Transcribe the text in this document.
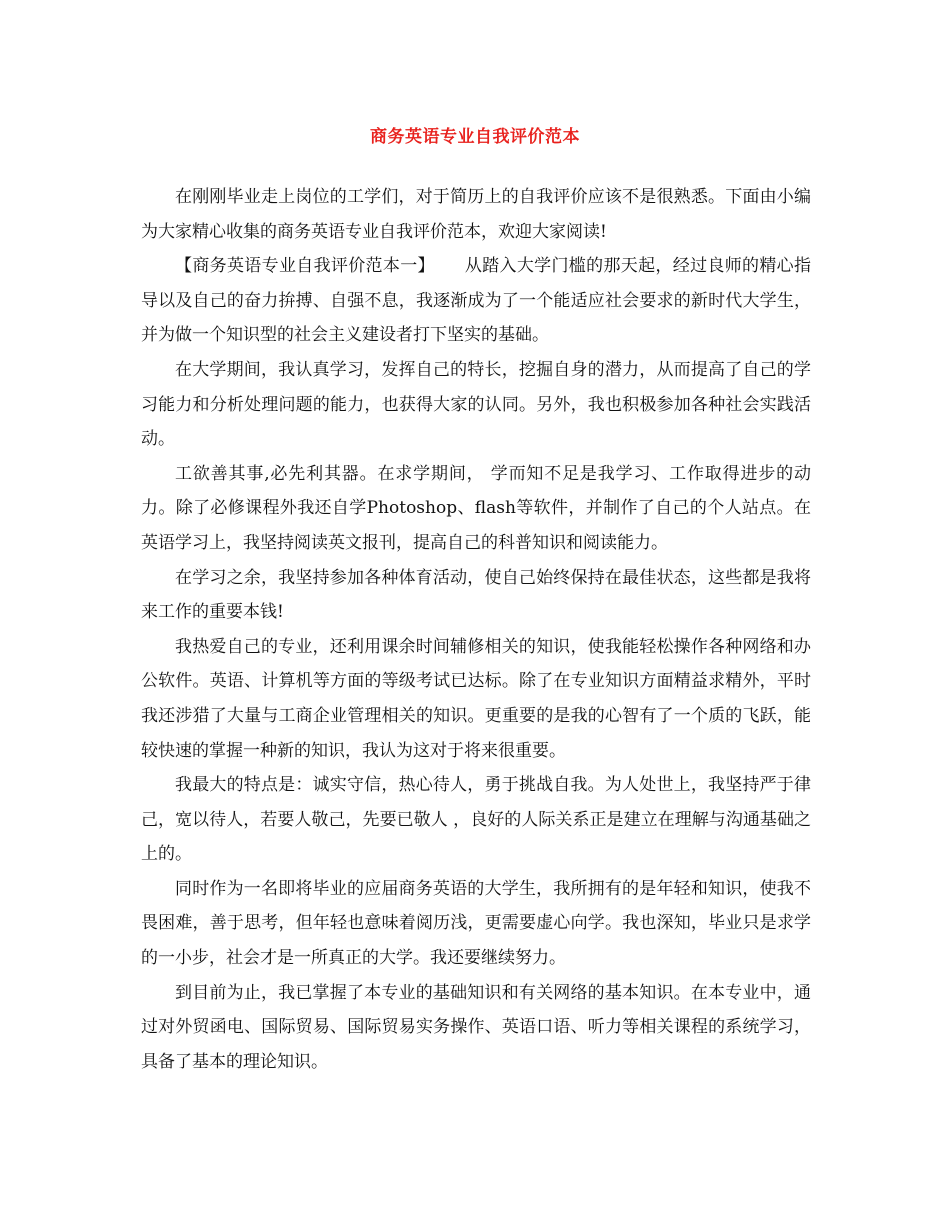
商务英语专业自我评价范本

在刚刚毕业走上岗位的工学们，对于简历上的自我评价应该不是很熟悉。下面由小编为大家精心收集的商务英语专业自我评价范本，欢迎大家阅读!

【商务英语专业自我评价范本一】 从踏入大学门槛的那天起，经过良师的精心指导以及自己的奋力拚搏、自强不息，我逐渐成为了一个能适应社会要求的新时代大学生，并为做一个知识型的社会主义建设者打下坚实的基础。

在大学期间，我认真学习，发挥自己的特长，挖掘自身的潜力，从而提高了自己的学习能力和分析处理问题的能力，也获得大家的认同。另外，我也积极参加各种社会实践活动。

工欲善其事,必先利其器。在求学期间， 学而知不足是我学习、工作取得进步的动力。除了必修课程外我还自学Photoshop、flash等软件，并制作了自己的个人站点。在英语学习上，我坚持阅读英文报刊，提高自己的科普知识和阅读能力。

在学习之余，我坚持参加各种体育活动，使自己始终保持在最佳状态，这些都是我将来工作的重要本钱!

我热爱自己的专业，还利用课余时间辅修相关的知识，使我能轻松操作各种网络和办公软件。英语、计算机等方面的等级考试已达标。除了在专业知识方面精益求精外，平时我还涉猎了大量与工商企业管理相关的知识。更重要的是我的心智有了一个质的飞跃，能较快速的掌握一种新的知识，我认为这对于将来很重要。

我最大的特点是：诚实守信，热心待人，勇于挑战自我。为人处世上，我坚持严于律己，宽以待人，若要人敬己，先要已敬人 ，良好的人际关系正是建立在理解与沟通基础之上的。

同时作为一名即将毕业的应届商务英语的大学生，我所拥有的是年轻和知识，使我不畏困难，善于思考，但年轻也意味着阅历浅，更需要虚心向学。我也深知，毕业只是求学的一小步，社会才是一所真正的大学。我还要继续努力。

到目前为止，我已掌握了本专业的基础知识和有关网络的基本知识。在本专业中，通过对外贸函电、国际贸易、国际贸易实务操作、英语口语、听力等相关课程的系统学习，具备了基本的理论知识。
